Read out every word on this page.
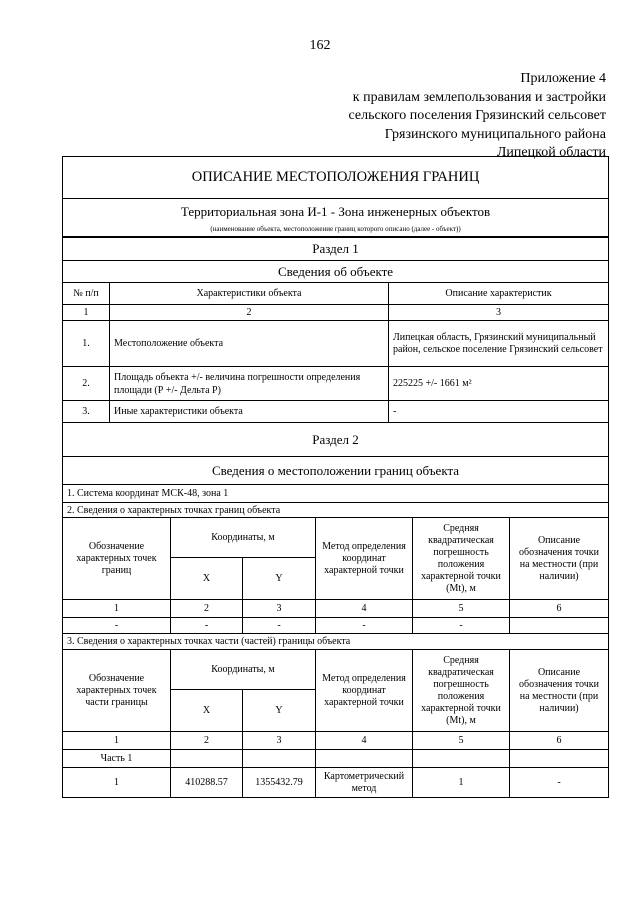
162
Приложение 4
к правилам землепользования и застройки
сельского поселения Грязинский сельсовет
Грязинского муниципального района
Липецкой области
ОПИСАНИЕ МЕСТОПОЛОЖЕНИЯ ГРАНИЦ		
Территориальная зона И-1 - Зона инженерных объектов		
(наименование объекта, местоположение границ которого описано (далее - объект))		
Раздел 1		
Сведения об объекте		
№ п/п	Характеристики объекта	Описание характеристик
1	2	3
1.	Местоположение объекта	Липецкая область, Грязинский муниципальный район, сельское поселение Грязинский сельсовет
2.	Площадь объекта +/- величина погрешности определения площади (Р +/- Дельта Р)	225225 +/- 1661 м²
3.	Иные характеристики объекта	-
Раздел 2		
Сведения о местоположении границ объекта		
1. Система координат МСК-48, зона 1		
2. Сведения о характерных точках границ объекта		
Обозначение характерных точек границ	Координаты, м		Метод определения координат характерной точки	Средняя квадратическая погрешность положения характерной точки (Mt), м	Описание обозначения точки на местности (при наличии)
	X	Y			
1	2	3	4	5	6
-	-	-	-	-	
3. Сведения о характерных точках части (частей) границы объекта					
Обозначение характерных точек части границы	Координаты, м		Метод определения координат характерной точки	Средняя квадратическая погрешность положения характерной точки (Mt), м	Описание обозначения точки на местности (при наличии)
	X	Y			
1	2	3	4	5	6
Часть 1					
1	410288.57	1355432.79	Картометрический метод	1	-
